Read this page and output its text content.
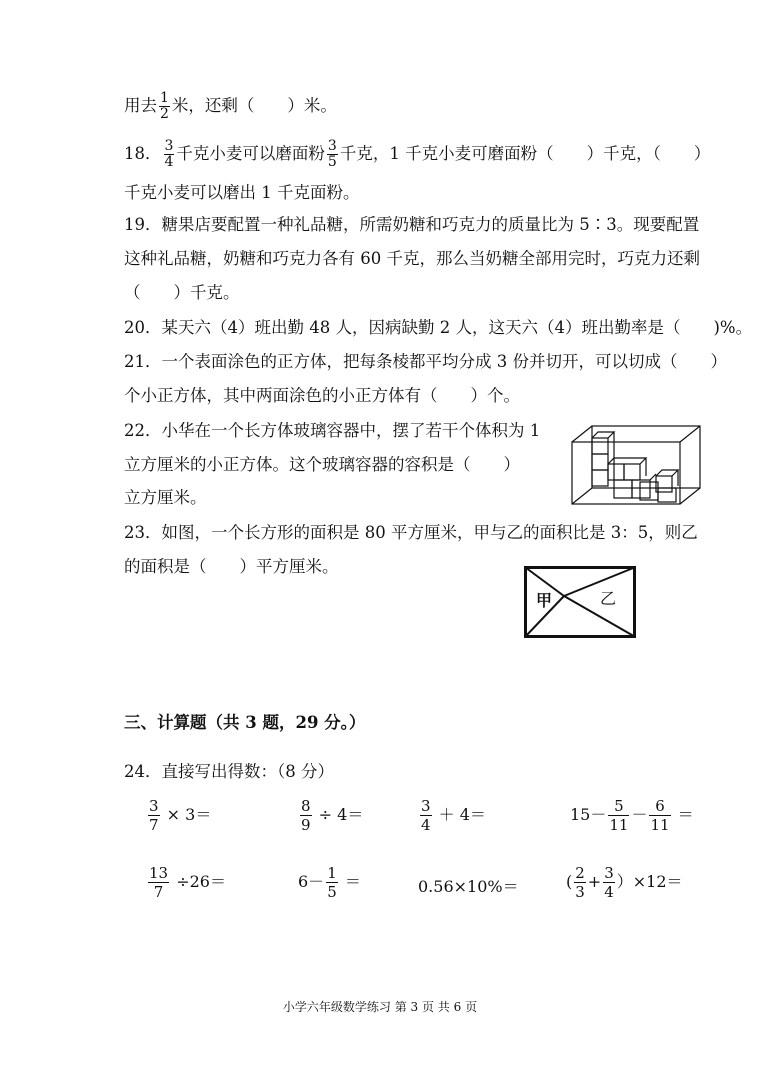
用去 $\frac{1}{2}$ 米，还剩（　　）米。
18． $\frac{3}{4}$ 千克小麦可以磨面粉 $\frac{3}{5}$ 千克，1 千克小麦可磨面粉（　　）千克，（　　）
千克小麦可以磨出 1 千克面粉。
19．糖果店要配置一种礼品糖，所需奶糖和巧克力的质量比为 5∶3。现要配置
这种礼品糖，奶糖和巧克力各有 60 千克，那么当奶糖全部用完时，巧克力还剩
（　　）千克。
20．某天六（4）班出勤 48 人，因病缺勤 2 人，这天六（4）班出勤率是（　　)%。
21．一个表面涂色的正方体，把每条棱都平均分成 3 份并切开，可以切成（　　）
个小正方体，其中两面涂色的小正方体有（　　）个。
22．小华在一个长方体玻璃容器中，摆了若干个体积为 1
立方厘米的小正方体。这个玻璃容器的容积是（　　）
立方厘米。
23．如图，一个长方形的面积是 80 平方厘米，甲与乙的面积比是 3：5，则乙
的面积是（　　）平方厘米。
甲	乙
三、计算题（共 3 题，29 分。）
24．直接写出得数：（8 分）
$\frac{3}{7} \times 3=$	$\frac{8}{9} \div 4=$	$\frac{3}{4} + 4=$	$15- \frac{5}{11} - \frac{6}{11}$ ＝
$\frac{13}{7} \div 26=$	$6- \frac{1}{5}$ ＝	0.56×10%＝	( $\frac{2}{3} + \frac{3}{4} )\times 12=$
小学六年级数学练习 第 3 页 共 6 页
